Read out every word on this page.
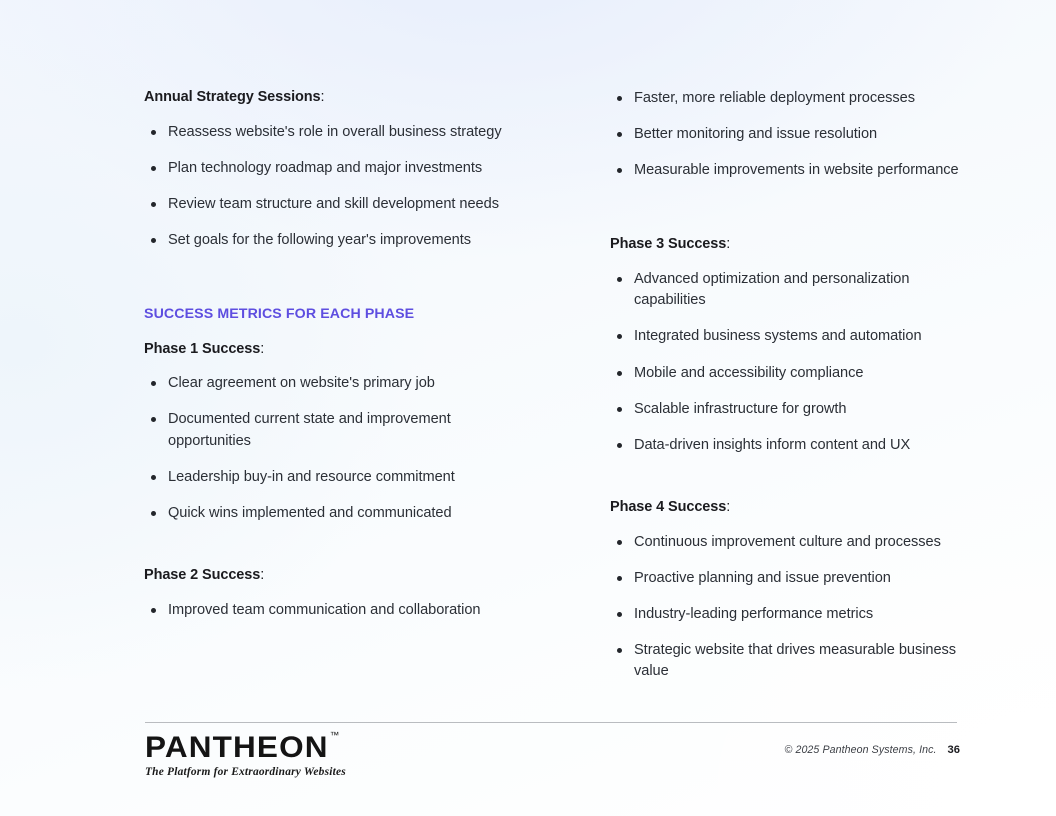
Annual Strategy Sessions:
Reassess website's role in overall business strategy
Plan technology roadmap and major investments
Review team structure and skill development needs
Set goals for the following year's improvements
SUCCESS METRICS FOR EACH PHASE
Phase 1 Success:
Clear agreement on website's primary job
Documented current state and improvement opportunities
Leadership buy-in and resource commitment
Quick wins implemented and communicated
Phase 2 Success:
Improved team communication and collaboration
Faster, more reliable deployment processes
Better monitoring and issue resolution
Measurable improvements in website performance
Phase 3 Success:
Advanced optimization and personalization capabilities
Integrated business systems and automation
Mobile and accessibility compliance
Scalable infrastructure for growth
Data-driven insights inform content and UX
Phase 4 Success:
Continuous improvement culture and processes
Proactive planning and issue prevention
Industry-leading performance metrics
Strategic website that drives measurable business value
PANTHEON ™
The Platform for Extraordinary Websites
© 2025 Pantheon Systems, Inc. 36
